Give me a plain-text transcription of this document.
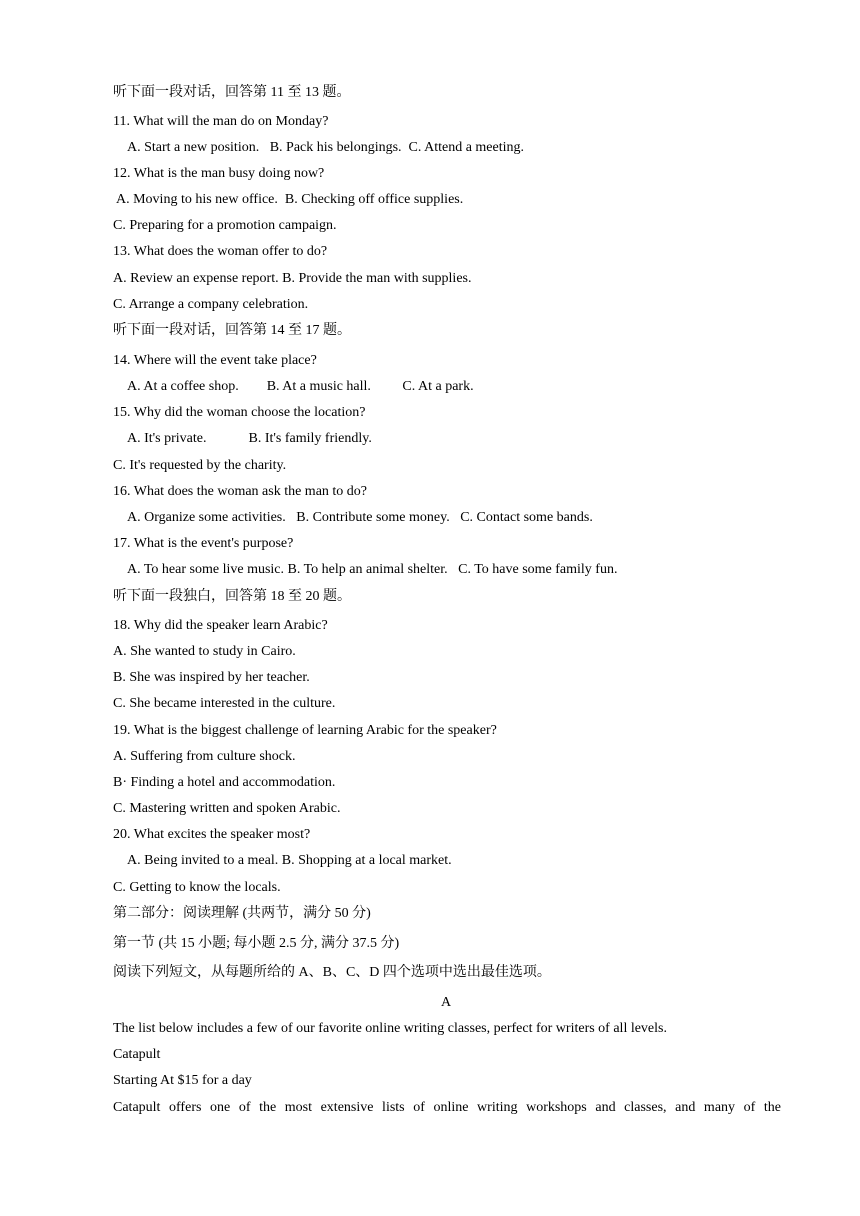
听下面一段对话，回答第 11 至 13 题。
11. What will the man do on Monday?
A. Start a new position.   B. Pack his belongings.  C. Attend a meeting.
12. What is the man busy doing now?
A. Moving to his new office.  B. Checking off office supplies.
C. Preparing for a promotion campaign.
13. What does the woman offer to do?
A. Review an expense report. B. Provide the man with supplies.
C. Arrange a company celebration.
听下面一段对话，回答第 14 至 17 题。
14. Where will the event take place?
A. At a coffee shop.        B. At a music hall.         C. At a park.
15. Why did the woman choose the location?
A. It's private.            B. It's family friendly.
C. It's requested by the charity.
16. What does the woman ask the man to do?
A. Organize some activities.   B. Contribute some money.   C. Contact some bands.
17. What is the event's purpose?
A. To hear some live music. B. To help an animal shelter.   C. To have some family fun.
听下面一段独白，回答第 18 至 20 题。
18. Why did the speaker learn Arabic?
A. She wanted to study in Cairo.
B. She was inspired by her teacher.
C. She became interested in the culture.
19. What is the biggest challenge of learning Arabic for the speaker?
A. Suffering from culture shock.
B· Finding a hotel and accommodation.
C. Mastering written and spoken Arabic.
20. What excites the speaker most?
A. Being invited to a meal. B. Shopping at a local market.
C. Getting to know the locals.
第二部分：阅读理解 (共两节，满分 50 分)
第一节 (共 15 小题; 每小题 2.5 分, 满分 37.5 分)
阅读下列短文，从每题所给的 A、B、C、D 四个选项中选出最佳选项。
A
The list below includes a few of our favorite online writing classes, perfect for writers of all levels.
Catapult
Starting At $15 for a day
Catapult offers one of the most extensive lists of online writing workshops and classes, and many of the
